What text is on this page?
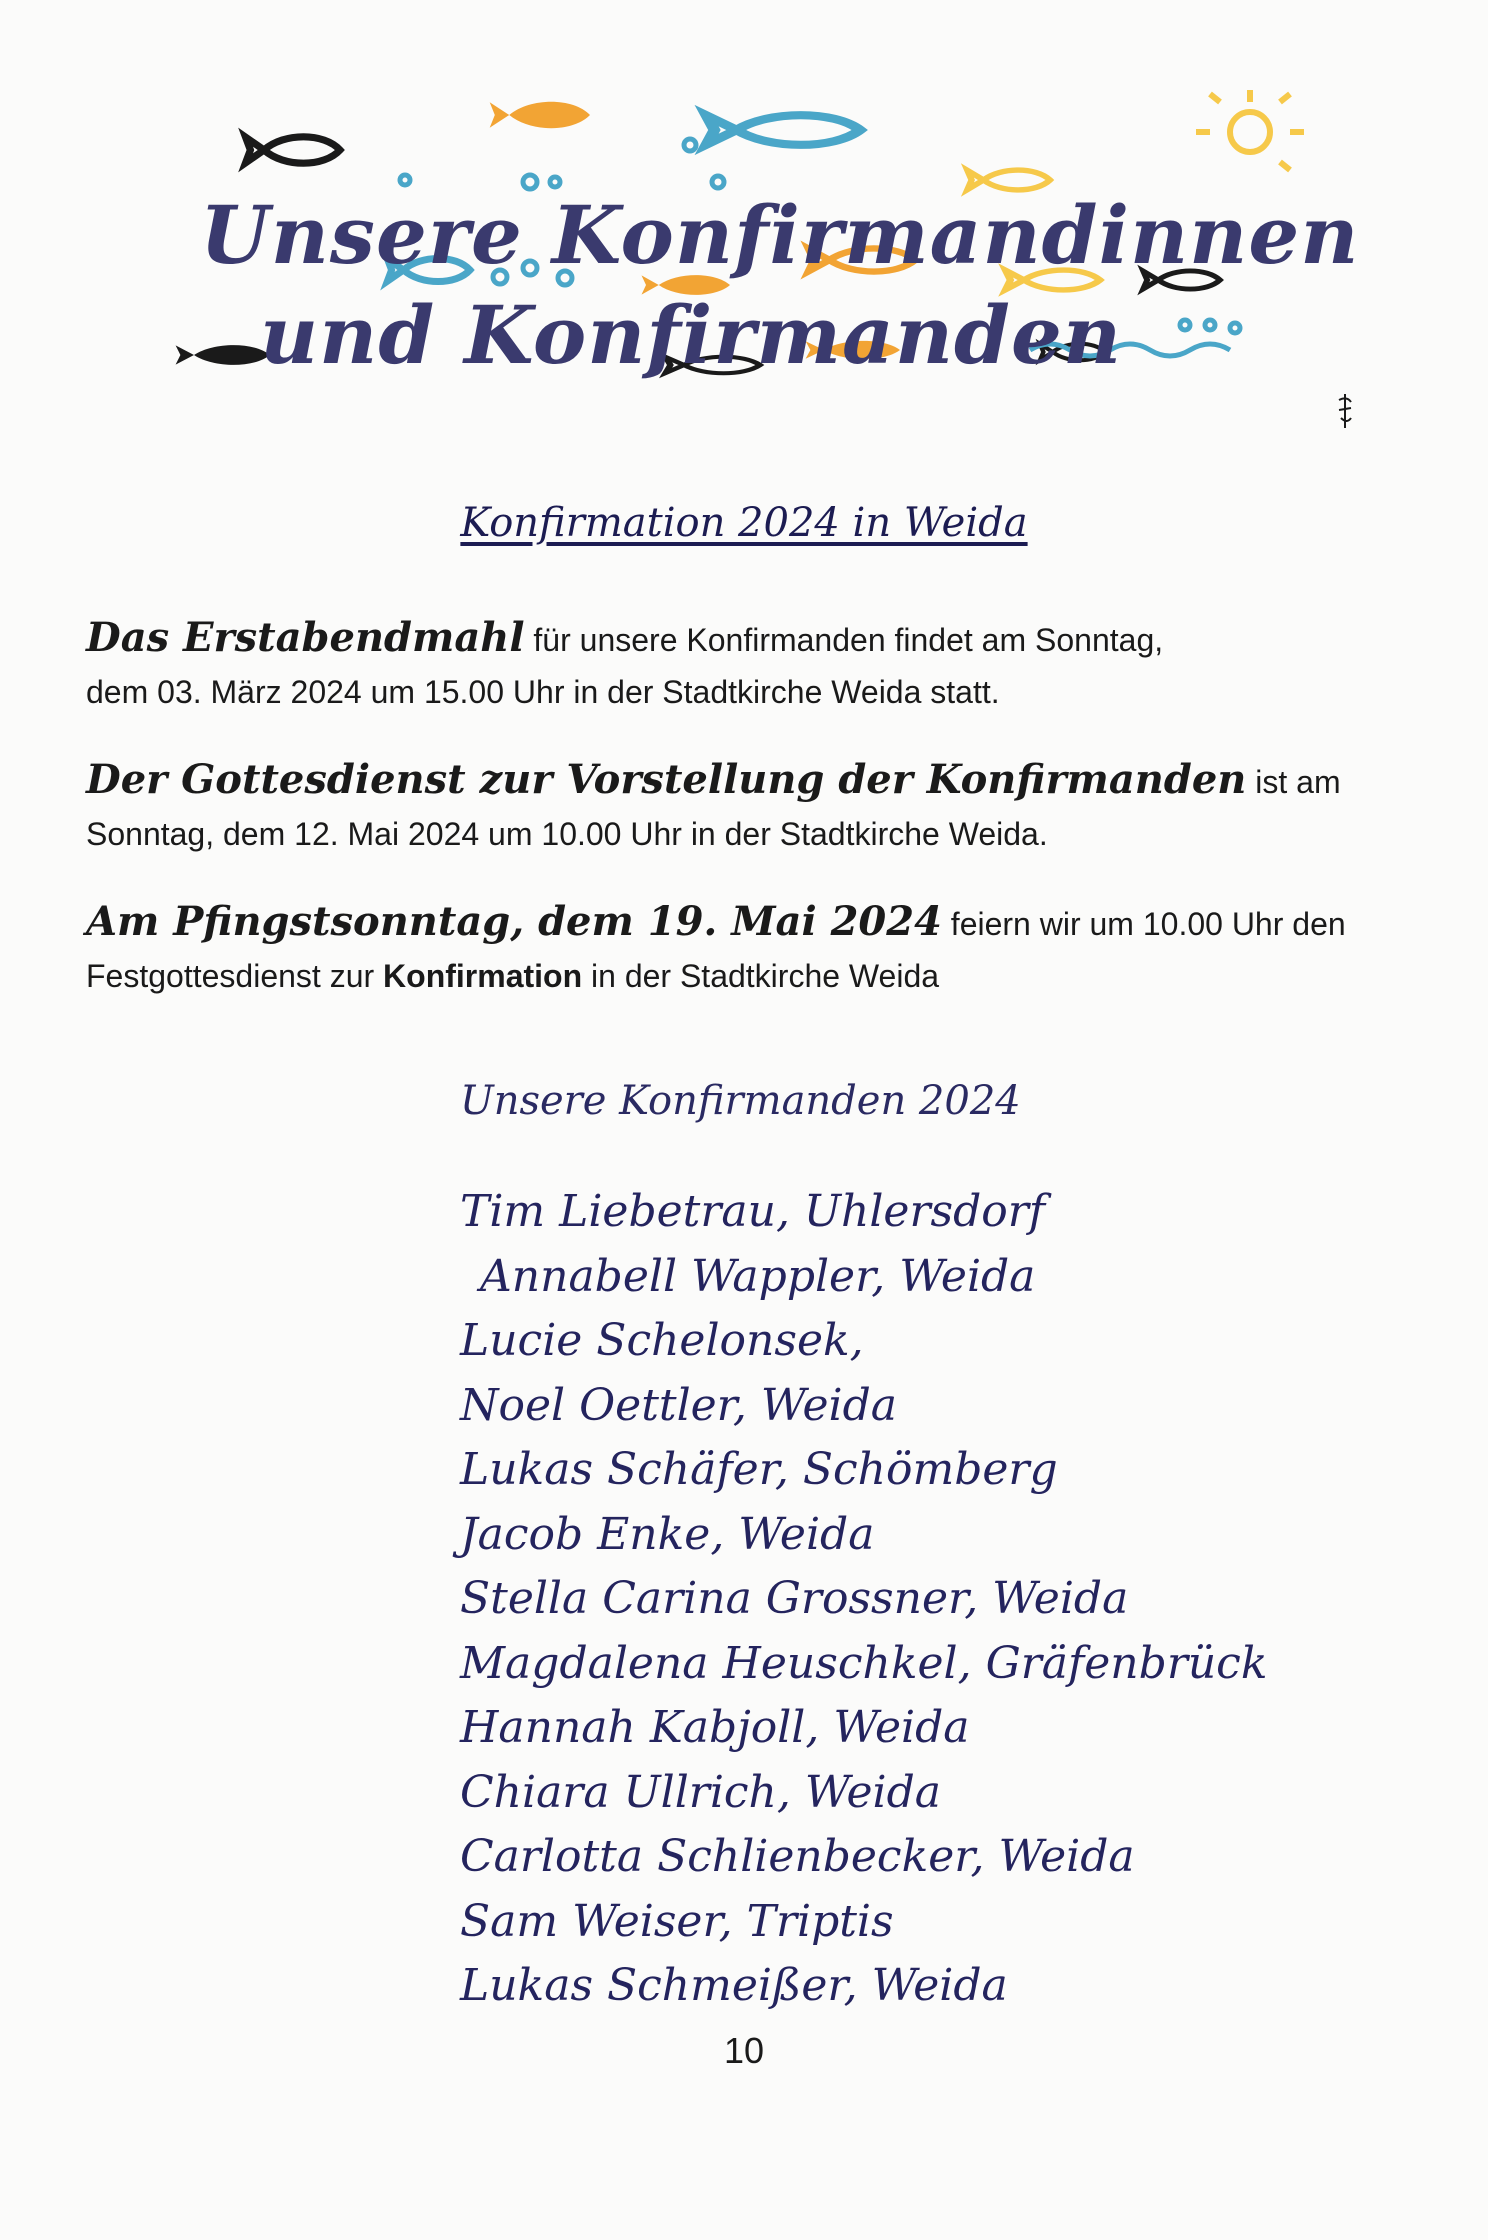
Unsere Konfirmandinnen
und Konfirmanden
Konfirmation 2024 in Weida
Das Erstabendmahl für unsere Konfirmanden findet am Sonntag,
dem 03. März 2024 um 15.00 Uhr in der Stadtkirche Weida statt.
Der Gottesdienst zur Vorstellung der Konfirmanden ist am
Sonntag, dem 12. Mai 2024 um 10.00 Uhr in der Stadtkirche Weida.
Am Pfingstsonntag, dem 19. Mai 2024 feiern wir um 10.00 Uhr den
Festgottesdienst zur Konfirmation in der Stadtkirche Weida
Unsere Konfirmanden 2024
Tim Liebetrau, Uhlersdorf
Annabell Wappler, Weida
Lucie Schelonsek,
Noel Oettler, Weida
Lukas Schäfer, Schömberg
Jacob Enke, Weida
Stella Carina Grossner, Weida
Magdalena Heuschkel, Gräfenbrück
Hannah Kabjoll, Weida
Chiara Ullrich, Weida
Carlotta Schlienbecker, Weida
Sam Weiser, Triptis
Lukas Schmeißer, Weida
10
